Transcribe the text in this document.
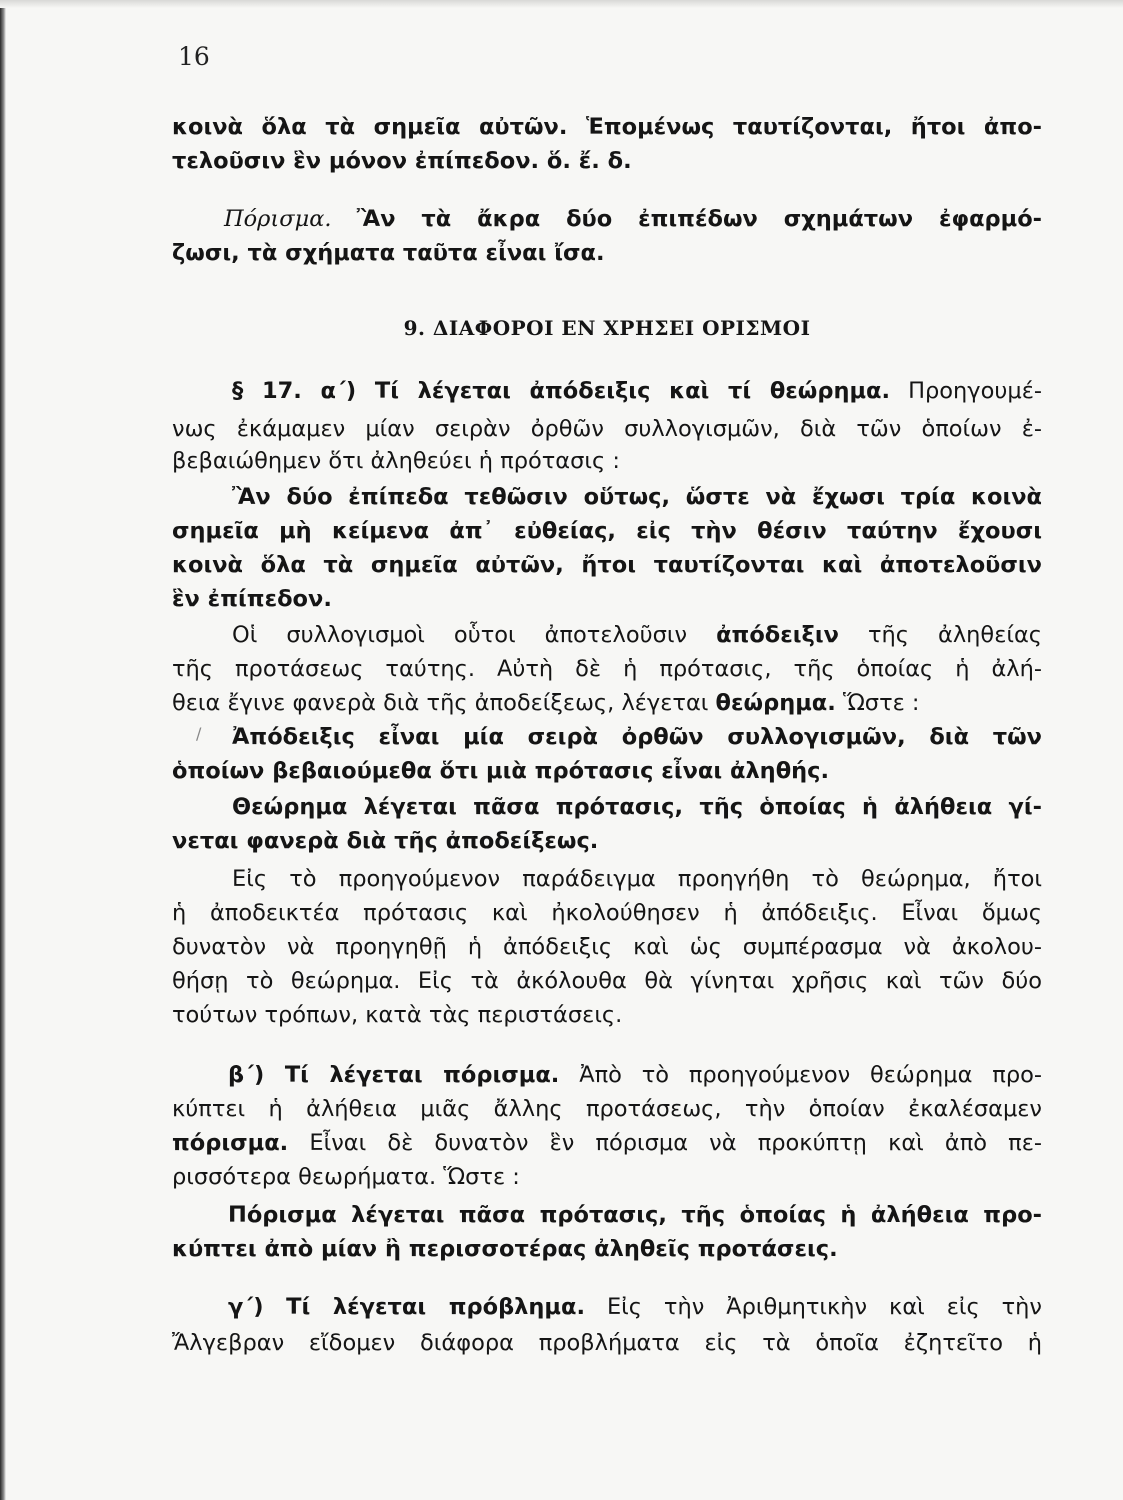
16
κοινὰ ὅλα τὰ σημεῖα αὐτῶν. Ἑπομένως ταυτίζονται, ἤτοι ἀπο-
τελοῦσιν ἓν μόνον ἐπίπεδον. ὅ. ἔ. δ.
Πόρισμα. Ἂν τὰ ἄκρα δύο ἐπιπέδων σχημάτων ἐφαρμό-
ζωσι, τὰ σχήματα ταῦτα εἶναι ἴσα.
9. ΔΙΑΦΟΡΟΙ ΕΝ ΧΡΗΣΕΙ ΟΡΙΣΜΟΙ
§ 17. α΄) Τί λέγεται ἀπόδειξις καὶ τί θεώρημα. Προηγουμέ-
νως ἐκάμαμεν μίαν σειρὰν ὀρθῶν συλλογισμῶν, διὰ τῶν ὁποίων ἐ-
βεβαιώθημεν ὅτι ἀληθεύει ἡ πρότασις :
Ἂν δύο ἐπίπεδα τεθῶσιν οὕτως, ὥστε νὰ ἔχωσι τρία κοινὰ
σημεῖα μὴ κείμενα ἀπ᾽ εὐθείας, εἰς τὴν θέσιν ταύτην ἔχουσι
κοινὰ ὅλα τὰ σημεῖα αὐτῶν, ἤτοι ταυτίζονται καὶ ἀποτελοῦσιν
ἓν ἐπίπεδον.
Οἱ συλλογισμοὶ οὗτοι ἀποτελοῦσιν ἀπόδειξιν τῆς ἀληθείας
τῆς προτάσεως ταύτης. Αὐτὴ δὲ ἡ πρότασις, τῆς ὁποίας ἡ ἀλή-
θεια ἔγινε φανερὰ διὰ τῆς ἀποδείξεως, λέγεται θεώρημα. Ὥστε :
/ Ἀπόδειξις εἶναι μία σειρὰ ὀρθῶν συλλογισμῶν, διὰ τῶν
ὁποίων βεβαιούμεθα ὅτι μιὰ πρότασις εἶναι ἀληθής.
Θεώρημα λέγεται πᾶσα πρότασις, τῆς ὁποίας ἡ ἀλήθεια γί-
νεται φανερὰ διὰ τῆς ἀποδείξεως.
Εἰς τὸ προηγούμενον παράδειγμα προηγήθη τὸ θεώρημα, ἤτοι
ἡ ἀποδεικτέα πρότασις καὶ ἠκολούθησεν ἡ ἀπόδειξις. Εἶναι ὅμως
δυνατὸν νὰ προηγηθῇ ἡ ἀπόδειξις καὶ ὡς συμπέρασμα νὰ ἀκολου-
θήσῃ τὸ θεώρημα. Εἰς τὰ ἀκόλουθα θὰ γίνηται χρῆσις καὶ τῶν δύο
τούτων τρόπων, κατὰ τὰς περιστάσεις.
β΄) Τί λέγεται πόρισμα. Ἀπὸ τὸ προηγούμενον θεώρημα προ-
κύπτει ἡ ἀλήθεια μιᾶς ἄλλης προτάσεως, τὴν ὁποίαν ἐκαλέσαμεν
πόρισμα. Εἶναι δὲ δυνατὸν ἓν πόρισμα νὰ προκύπτῃ καὶ ἀπὸ πε-
ρισσότερα θεωρήματα. Ὥστε :
Πόρισμα λέγεται πᾶσα πρότασις, τῆς ὁποίας ἡ ἀλήθεια προ-
κύπτει ἀπὸ μίαν ἢ περισσοτέρας ἀληθεῖς προτάσεις.
γ΄) Τί λέγεται πρόβλημα. Εἰς τὴν Ἀριθμητικὴν καὶ εἰς τὴν
Ἄλγεβραν εἴδομεν διάφορα προβλήματα εἰς τὰ ὁποῖα ἐζητεῖτο ἡ
